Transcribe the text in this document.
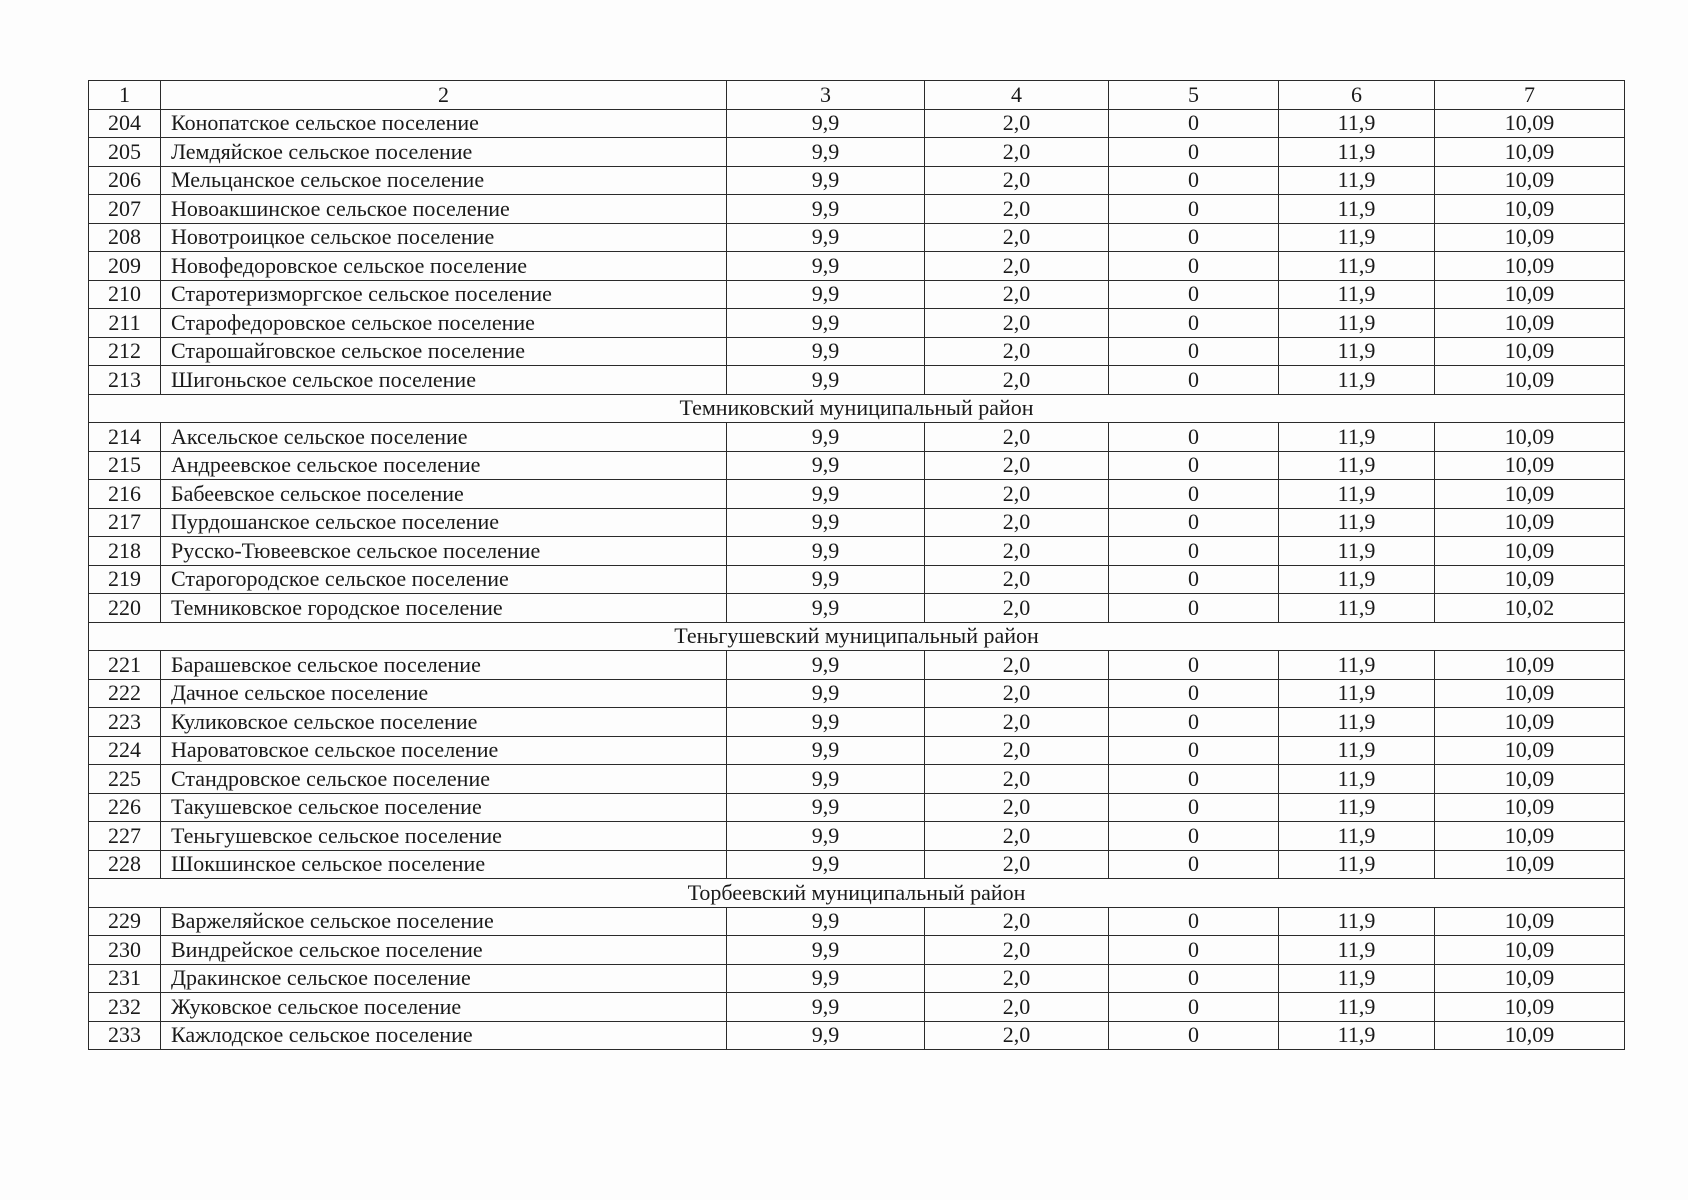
1	2	3	4	5	6	7
204	Конопатское сельское поселение	9,9	2,0	0	11,9	10,09
205	Лемдяйское сельское поселение	9,9	2,0	0	11,9	10,09
206	Мельцанское сельское поселение	9,9	2,0	0	11,9	10,09
207	Новоакшинское сельское поселение	9,9	2,0	0	11,9	10,09
208	Новотроицкое сельское поселение	9,9	2,0	0	11,9	10,09
209	Новофедоровское сельское поселение	9,9	2,0	0	11,9	10,09
210	Старотеризморгское сельское поселение	9,9	2,0	0	11,9	10,09
211	Старофедоровское сельское поселение	9,9	2,0	0	11,9	10,09
212	Старошайговское сельское поселение	9,9	2,0	0	11,9	10,09
213	Шигоньское сельское поселение	9,9	2,0	0	11,9	10,09
Темниковский муниципальный район						
214	Аксельское сельское поселение	9,9	2,0	0	11,9	10,09
215	Андреевское сельское поселение	9,9	2,0	0	11,9	10,09
216	Бабеевское сельское поселение	9,9	2,0	0	11,9	10,09
217	Пурдошанское сельское поселение	9,9	2,0	0	11,9	10,09
218	Русско-Тювеевское сельское поселение	9,9	2,0	0	11,9	10,09
219	Старогородское сельское поселение	9,9	2,0	0	11,9	10,09
220	Темниковское городское поселение	9,9	2,0	0	11,9	10,02
Теньгушевский муниципальный район						
221	Барашевское сельское поселение	9,9	2,0	0	11,9	10,09
222	Дачное сельское поселение	9,9	2,0	0	11,9	10,09
223	Куликовское сельское поселение	9,9	2,0	0	11,9	10,09
224	Нароватовское сельское поселение	9,9	2,0	0	11,9	10,09
225	Стандровское сельское поселение	9,9	2,0	0	11,9	10,09
226	Такушевское сельское поселение	9,9	2,0	0	11,9	10,09
227	Теньгушевское сельское поселение	9,9	2,0	0	11,9	10,09
228	Шокшинское сельское поселение	9,9	2,0	0	11,9	10,09
Торбеевский муниципальный район						
229	Варжеляйское сельское поселение	9,9	2,0	0	11,9	10,09
230	Виндрейское сельское поселение	9,9	2,0	0	11,9	10,09
231	Дракинское сельское поселение	9,9	2,0	0	11,9	10,09
232	Жуковское сельское поселение	9,9	2,0	0	11,9	10,09
233	Кажлодское сельское поселение	9,9	2,0	0	11,9	10,09
